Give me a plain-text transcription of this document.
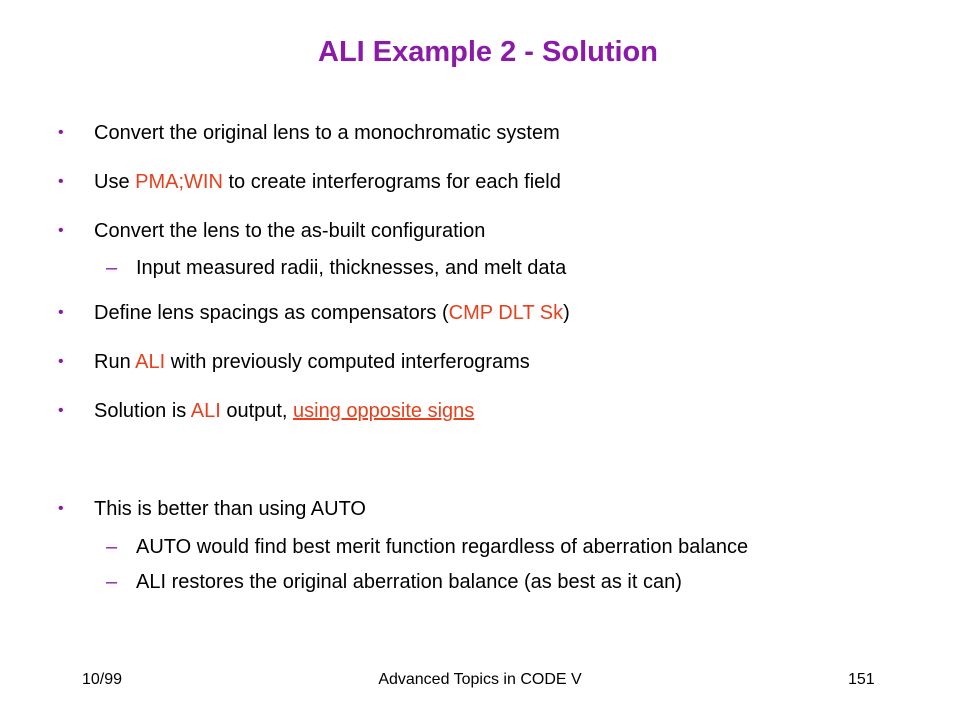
ALI Example 2 - Solution
• Convert the original lens to a monochromatic system
• Use PMA;WIN to create interferograms for each field
• Convert the lens to the as-built configuration
– Input measured radii, thicknesses, and melt data
• Define lens spacings as compensators (CMP DLT Sk)
• Run ALI with previously computed interferograms
• Solution is ALI output, using opposite signs
• This is better than using AUTO
– AUTO would find best merit function regardless of aberration balance
– ALI restores the original aberration balance (as best as it can)
10/99	Advanced Topics in CODE V	151
